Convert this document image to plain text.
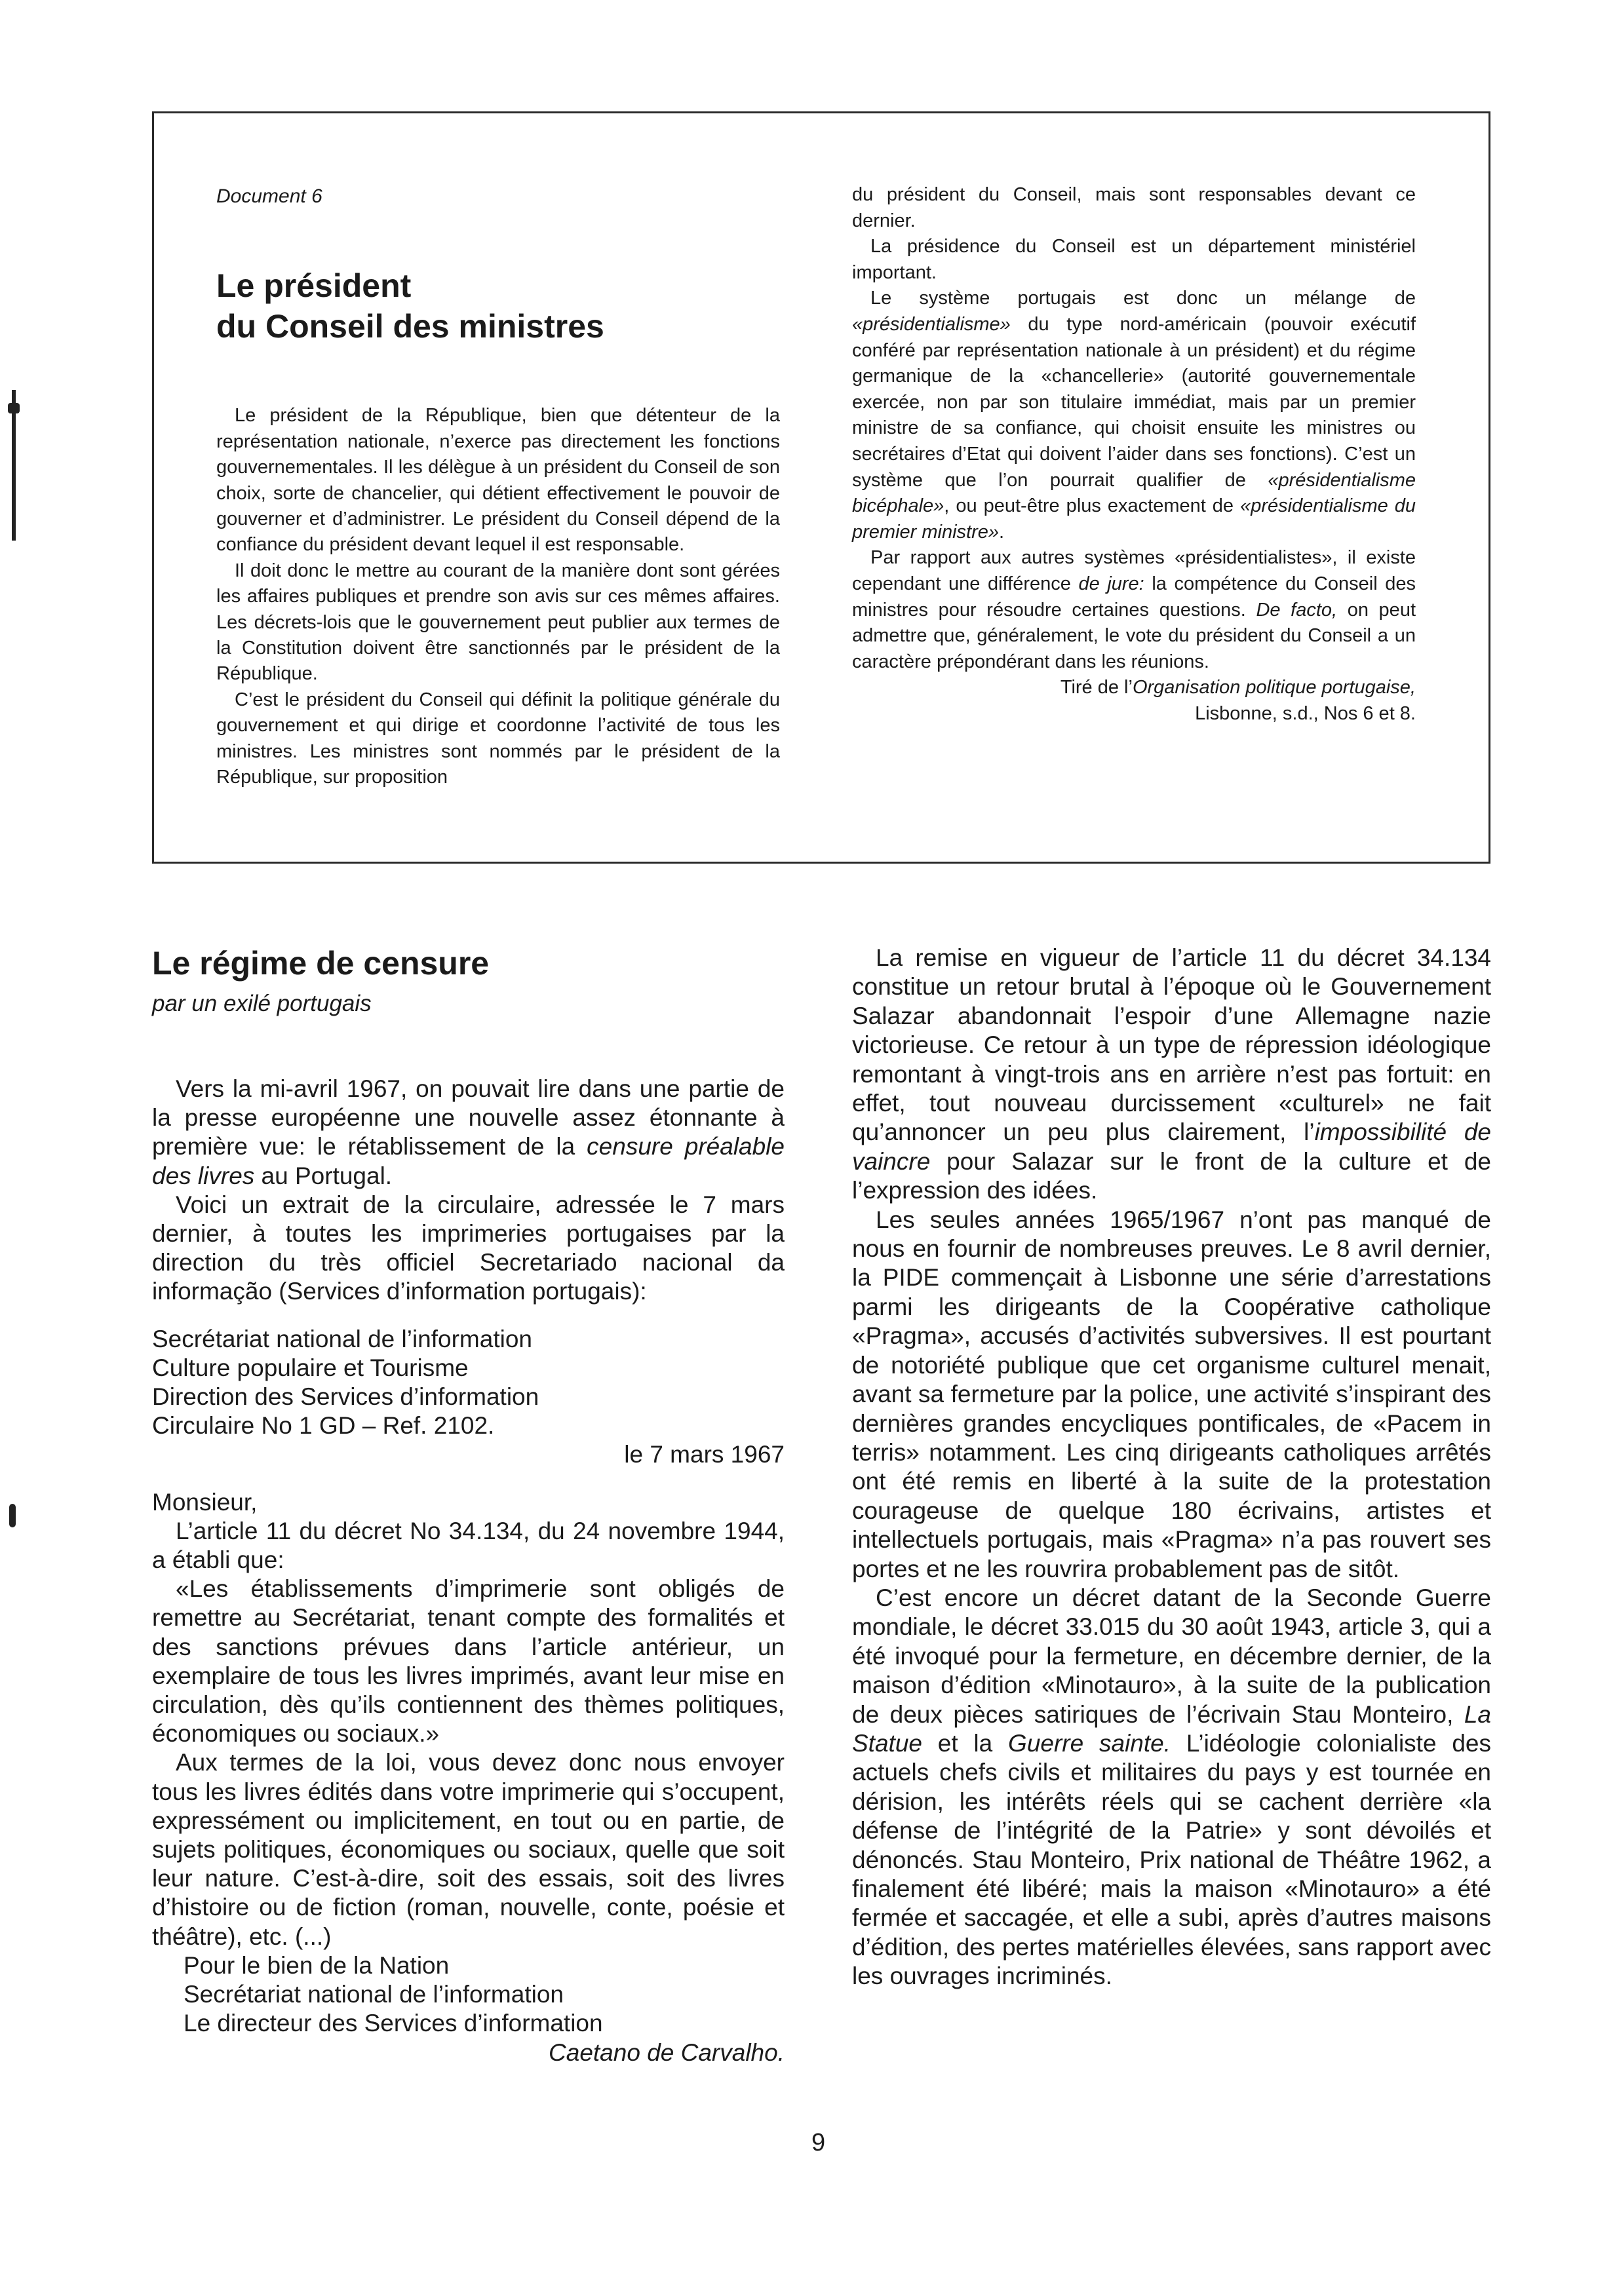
Document 6

Le président
du Conseil des ministres

Le président de la République, bien que détenteur de la représentation nationale, n’exerce pas directement les fonctions gouvernementales. Il les délègue à un président du Conseil de son choix, sorte de chancelier, qui détient effectivement le pouvoir de gouverner et d’administrer. Le président du Conseil dépend de la confiance du président devant lequel il est responsable.

Il doit donc le mettre au courant de la manière dont sont gérées les affaires publiques et prendre son avis sur ces mêmes affaires. Les décrets-lois que le gouvernement peut publier aux termes de la Constitution doivent être sanctionnés par le président de la République.

C’est le président du Conseil qui définit la politique générale du gouvernement et qui dirige et coordonne l’activité de tous les ministres. Les ministres sont nommés par le président de la République, sur proposition

du président du Conseil, mais sont responsables devant ce dernier.

La présidence du Conseil est un département ministériel important.

Le système portugais est donc un mélange de «présidentialisme» du type nord-américain (pouvoir exécutif conféré par représentation nationale à un président) et du régime germanique de la «chancellerie» (autorité gouvernementale exercée, non par son titulaire immédiat, mais par un premier ministre de sa confiance, qui choisit ensuite les ministres ou secrétaires d’Etat qui doivent l’aider dans ses fonctions). C’est un système que l’on pourrait qualifier de «présidentialisme bicéphale», ou peut-être plus exactement de «présidentialisme du premier ministre».

Par rapport aux autres systèmes «présidentialistes», il existe cependant une différence de jure: la compétence du Conseil des ministres pour résoudre certaines questions. De facto, on peut admettre que, généralement, le vote du président du Conseil a un caractère prépondérant dans les réunions.

Tiré de l’Organisation politique portugaise,
Lisbonne, s.d., Nos 6 et 8.

Le régime de censure
par un exilé portugais

Vers la mi-avril 1967, on pouvait lire dans une partie de la presse européenne une nouvelle assez étonnante à première vue: le rétablissement de la censure préalable des livres au Portugal.

Voici un extrait de la circulaire, adressée le 7 mars dernier, à toutes les imprimeries portugaises par la direction du très officiel Secretariado nacional da informação (Services d’information portugais):

Secrétariat national de l’information

Culture populaire et Tourisme

Direction des Services d’information

Circulaire No 1 GD – Ref. 2102.

le 7 mars 1967

Monsieur,

L’article 11 du décret No 34.134, du 24 novembre 1944, a établi que:

«Les établissements d’imprimerie sont obligés de remettre au Secrétariat, tenant compte des formalités et des sanctions prévues dans l’article antérieur, un exemplaire de tous les livres imprimés, avant leur mise en circulation, dès qu’ils contiennent des thèmes politiques, économiques ou sociaux.»

Aux termes de la loi, vous devez donc nous envoyer tous les livres édités dans votre imprimerie qui s’occupent, expressément ou implicitement, en tout ou en partie, de sujets politiques, économiques ou sociaux, quelle que soit leur nature. C’est-à-dire, soit des essais, soit des livres d’histoire ou de fiction (roman, nouvelle, conte, poésie et théâtre), etc. (...)

Pour le bien de la Nation

Secrétariat national de l’information

Le directeur des Services d’information

Caetano de Carvalho.

La remise en vigueur de l’article 11 du décret 34.134 constitue un retour brutal à l’époque où le Gouvernement Salazar abandonnait l’espoir d’une Allemagne nazie victorieuse. Ce retour à un type de répression idéologique remontant à vingt-trois ans en arrière n’est pas fortuit: en effet, tout nouveau durcissement «culturel» ne fait qu’annoncer un peu plus clairement, l’impossibilité de vaincre pour Salazar sur le front de la culture et de l’expression des idées.

Les seules années 1965/1967 n’ont pas manqué de nous en fournir de nombreuses preuves. Le 8 avril dernier, la PIDE commençait à Lisbonne une série d’arrestations parmi les dirigeants de la Coopérative catholique «Pragma», accusés d’activités subversives. Il est pourtant de notoriété publique que cet organisme culturel menait, avant sa fermeture par la police, une activité s’inspirant des dernières grandes encycliques pontificales, de «Pacem in terris» notamment. Les cinq dirigeants catholiques arrêtés ont été remis en liberté à la suite de la protestation courageuse de quelque 180 écrivains, artistes et intellectuels portugais, mais «Pragma» n’a pas rouvert ses portes et ne les rouvrira probablement pas de sitôt.

C’est encore un décret datant de la Seconde Guerre mondiale, le décret 33.015 du 30 août 1943, article 3, qui a été invoqué pour la fermeture, en décembre dernier, de la maison d’édition «Minotauro», à la suite de la publication de deux pièces satiriques de l’écrivain Stau Monteiro, La Statue et la Guerre sainte. L’idéologie colonialiste des actuels chefs civils et militaires du pays y est tournée en dérision, les intérêts réels qui se cachent derrière «la défense de l’intégrité de la Patrie» y sont dévoilés et dénoncés. Stau Monteiro, Prix national de Théâtre 1962, a finalement été libéré; mais la maison «Minotauro» a été fermée et saccagée, et elle a subi, après d’autres maisons d’édition, des pertes matérielles élevées, sans rapport avec les ouvrages incriminés.

9
